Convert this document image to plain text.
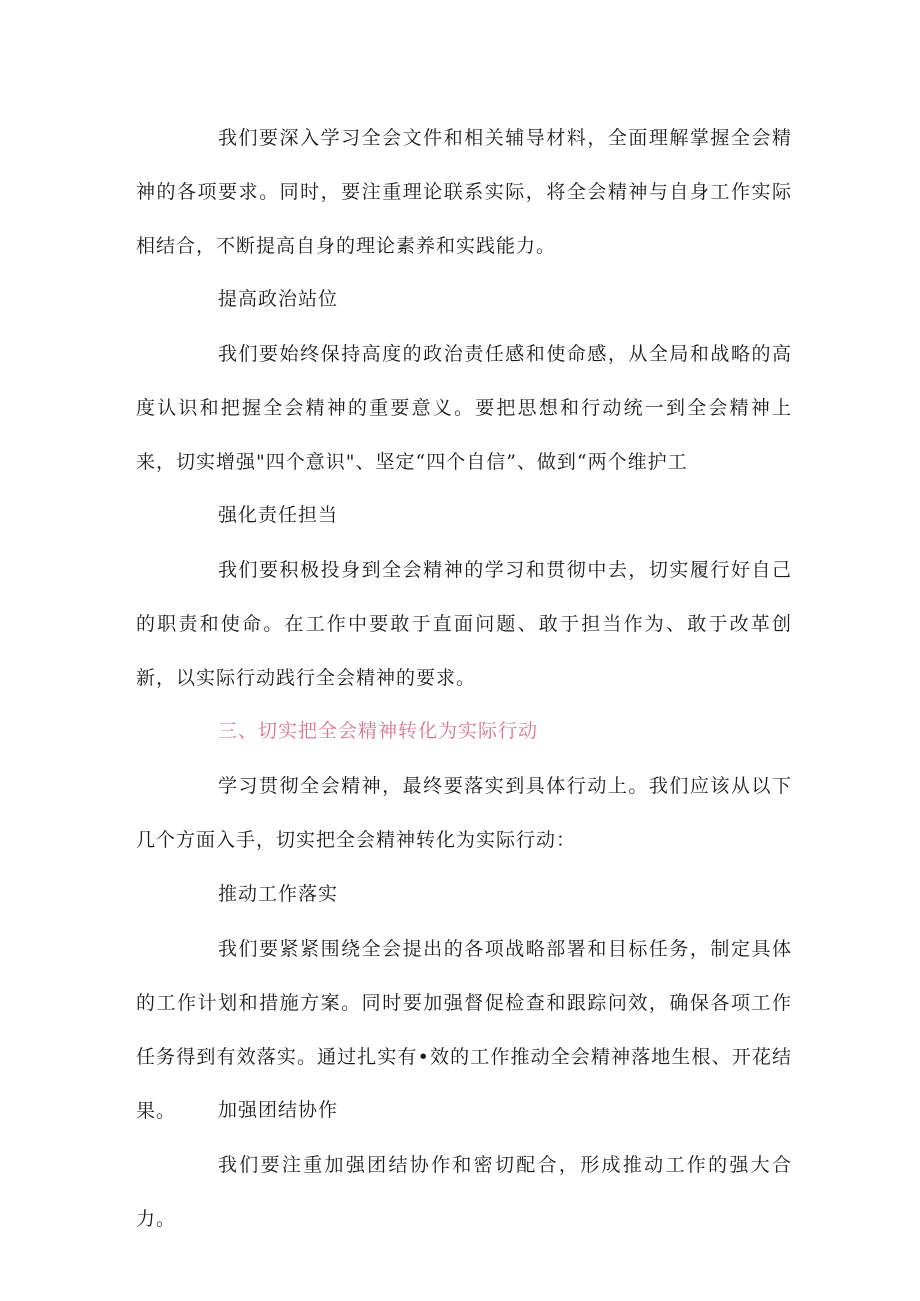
我们要深入学习全会文件和相关辅导材料，全面理解掌握全会精神的各项要求。同时，要注重理论联系实际，将全会精神与自身工作实际相结合，不断提高自身的理论素养和实践能力。

提高政治站位

我们要始终保持高度的政治责任感和使命感，从全局和战略的高度认识和把握全会精神的重要意义。要把思想和行动统一到全会精神上来，切实增强"四个意识"、坚定“四个自信”、做到“两个维护工

强化责任担当

我们要积极投身到全会精神的学习和贯彻中去，切实履行好自己的职责和使命。在工作中要敢于直面问题、敢于担当作为、敢于改革创新，以实际行动践行全会精神的要求。

三、切实把全会精神转化为实际行动

学习贯彻全会精神，最终要落实到具体行动上。我们应该从以下几个方面入手，切实把全会精神转化为实际行动：

推动工作落实

我们要紧紧围绕全会提出的各项战略部署和目标任务，制定具体的工作计划和措施方案。同时要加强督促检查和跟踪问效，确保各项工作任务得到有效落实。通过扎实有•效的工作推动全会精神落地生根、开花结果。	加强团结协作

我们要注重加强团结协作和密切配合，形成推动工作的强大合力。
